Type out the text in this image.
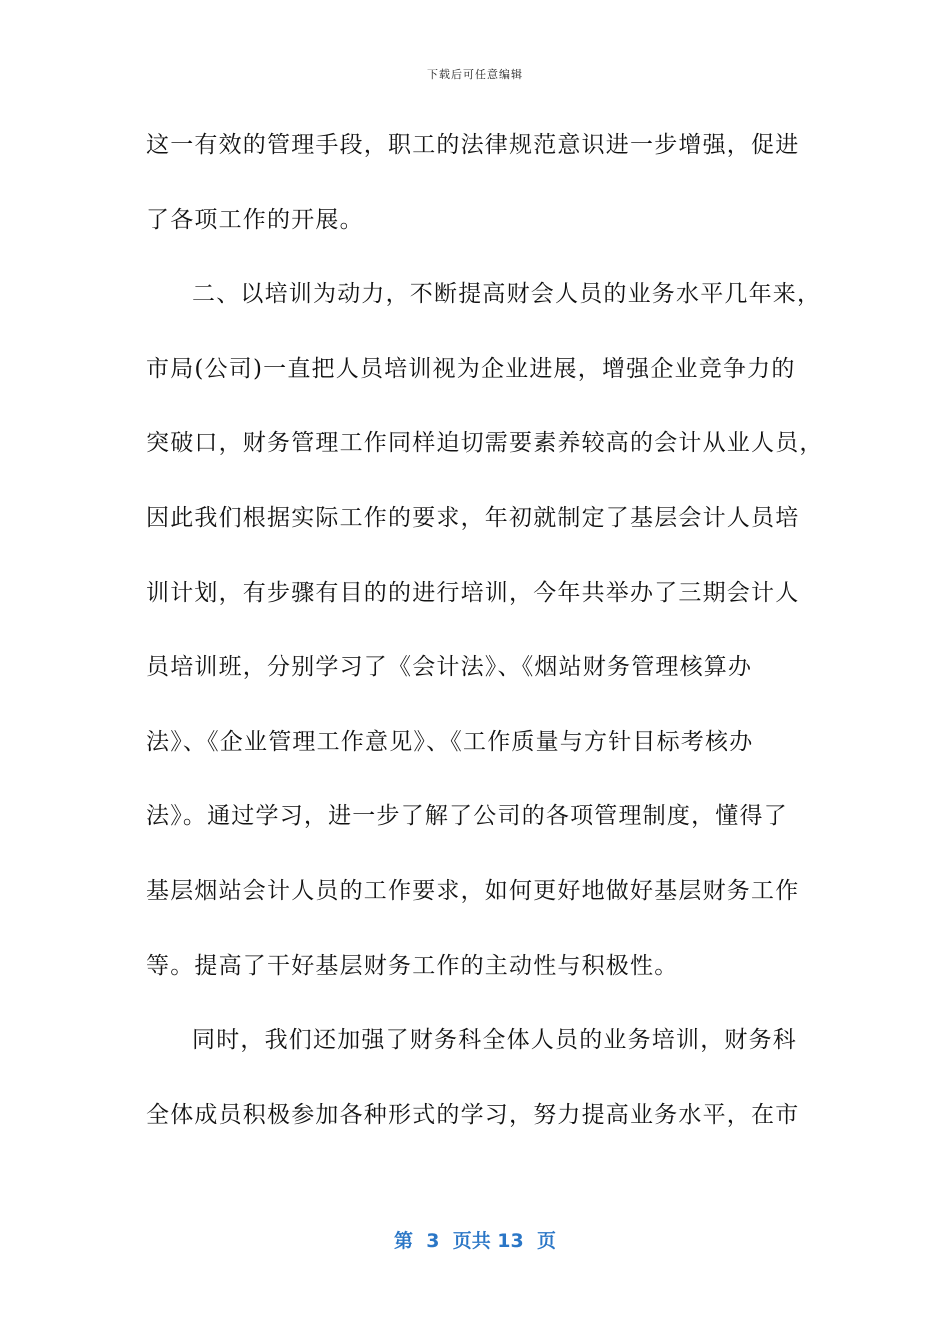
下载后可任意编辑
这一有效的管理手段，职工的法律规范意识进一步增强，促进
了各项工作的开展。
二、以培训为动力，不断提高财会人员的业务水平几年来，
市局(公司)一直把人员培训视为企业进展，增强企业竞争力的
突破口，财务管理工作同样迫切需要素养较高的会计从业人员，
因此我们根据实际工作的要求，年初就制定了基层会计人员培
训计划，有步骤有目的的进行培训，今年共举办了三期会计人
员培训班，分别学习了《会计法》、《烟站财务管理核算办
法》、《企业管理工作意见》、《工作质量与方针目标考核办
法》。通过学习，进一步了解了公司的各项管理制度，懂得了
基层烟站会计人员的工作要求，如何更好地做好基层财务工作
等。提高了干好基层财务工作的主动性与积极性。
同时，我们还加强了财务科全体人员的业务培训，财务科
全体成员积极参加各种形式的学习，努力提高业务水平，在市
第  3  页共 13  页
